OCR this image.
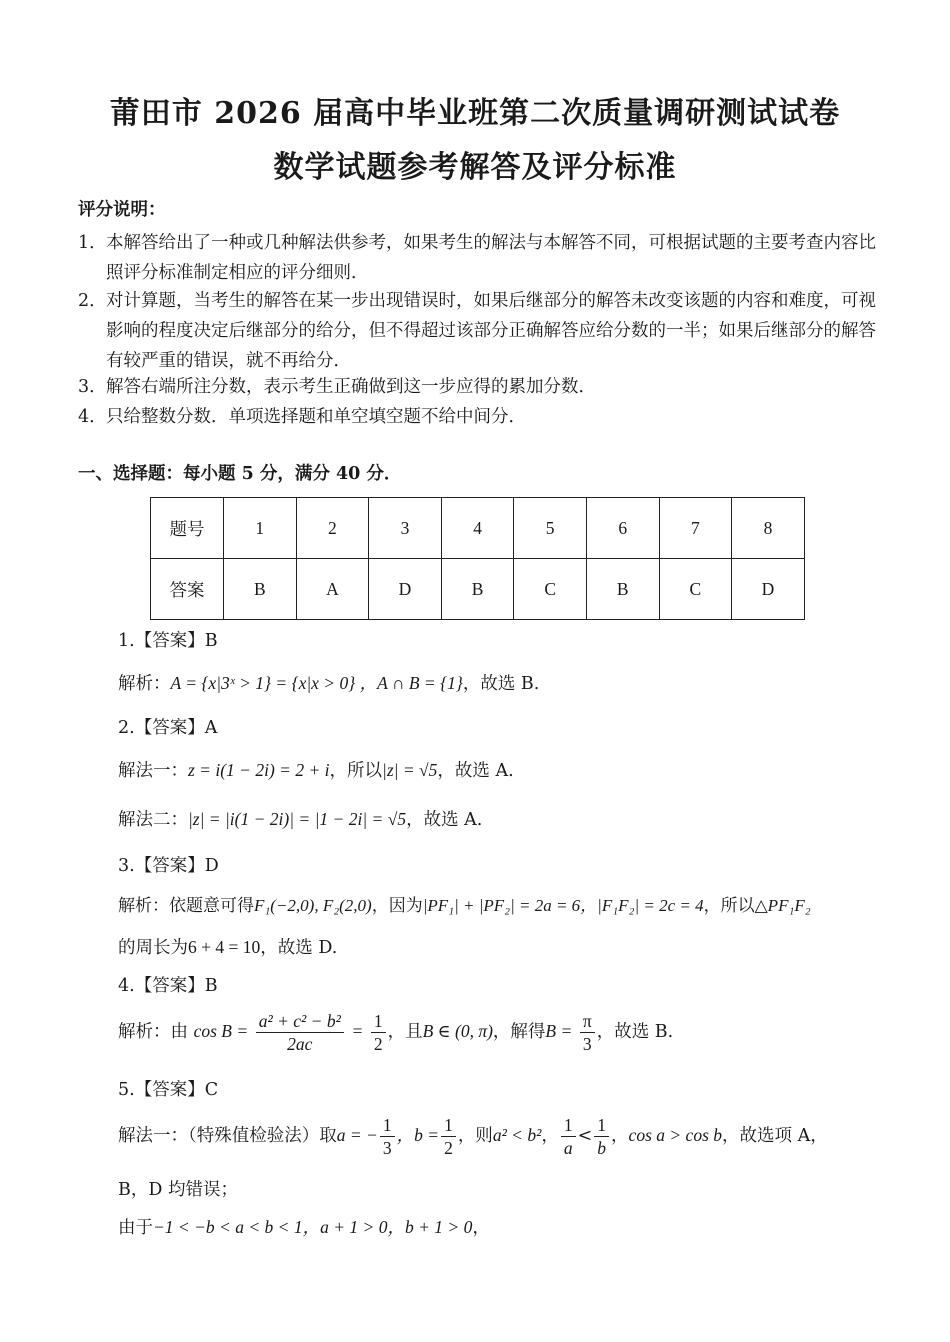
莆田市 2026 届高中毕业班第二次质量调研测试试卷
数学试题参考解答及评分标准
评分说明：
1． 本解答给出了一种或几种解法供参考，如果考生的解法与本解答不同，可根据试题的主要考查内容比照评分标准制定相应的评分细则．
2． 对计算题，当考生的解答在某一步出现错误时，如果后继部分的解答未改变该题的内容和难度，可视影响的程度决定后继部分的给分，但不得超过该部分正确解答应给分数的一半；如果后继部分的解答有较严重的错误，就不再给分．
3． 解答右端所注分数，表示考生正确做到这一步应得的累加分数．
4． 只给整数分数．单项选择题和单空填空题不给中间分．
一、选择题：每小题 5 分，满分 40 分．
题号	1	2	3	4	5	6	7	8
答案	B	A	D	B	C	B	C	D
1.【答案】B
解析：A = {x|3ˣ > 1} = {x|x > 0} ，A ∩ B = {1}，故选 B.
2.【答案】A
解法一：z = i(1 − 2i) = 2 + i，所以|z| = √5，故选 A.
解法二：|z| = |i(1 − 2i)| = |1 − 2i| = √5，故选 A.
3.【答案】D
解析：依题意可得F₁(−2,0), F₂(2,0)，因为|PF₁| + |PF₂| = 2a = 6，|F₁F₂| = 2c = 4，所以△PF₁F₂
的周长为6 + 4 = 10，故选 D.
4.【答案】B
解析：由 $\cos B = \frac{\text{a² + c² − b²}}{2ac} = \frac{1}{2}$ ，且B ∈ (0, π)，解得$B = \frac{\pi}{3}$ ，故选 B.
5.【答案】C
解法一：（特殊值检验法）取a = − $\frac{1}{3}$ ，$b = \frac{1}{2}$ ，则a² < b²， $\frac{1}{a} < \frac{1}{b}$ ，cos a > cos b，故选项 A，
B，D 均错误；
由于−1 < −b < a < b < 1，a + 1 > 0，b + 1 > 0，
